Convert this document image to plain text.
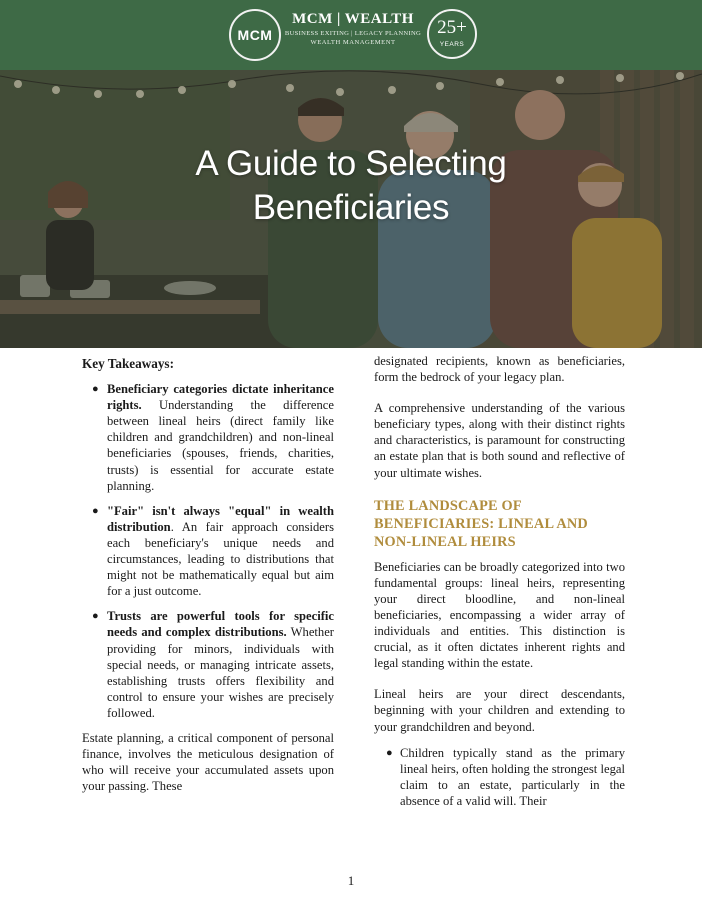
MCM
MCM | WEALTH
BUSINESS EXITING | LEGACY PLANNING
WEALTH MANAGEMENT
25+
YEARS
A Guide to Selecting
Beneficiaries
Key Takeaways:
● Beneficiary categories dictate inheritance rights. Understanding the difference between lineal heirs (direct family like children and grandchildren) and non-lineal beneficiaries (spouses, friends, charities, trusts) is essential for accurate estate planning.
● "Fair" isn't always "equal" in wealth distribution. An fair approach considers each beneficiary's unique needs and circumstances, leading to distributions that might not be mathematically equal but aim for a just outcome.
● Trusts are powerful tools for specific needs and complex distributions. Whether providing for minors, individuals with special needs, or managing intricate assets, establishing trusts offers flexibility and control to ensure your wishes are precisely followed.

Estate planning, a critical component of personal finance, involves the meticulous designation of who will receive your accumulated assets upon your passing. These

designated recipients, known as beneficiaries, form the bedrock of your legacy plan.

A comprehensive understanding of the various beneficiary types, along with their distinct rights and characteristics, is paramount for constructing an estate plan that is both sound and reflective of your ultimate wishes.

THE LANDSCAPE OF BENEFICIARIES: LINEAL AND NON-LINEAL HEIRS

Beneficiaries can be broadly categorized into two fundamental groups: lineal heirs, representing your direct bloodline, and non-lineal beneficiaries, encompassing a wider array of individuals and entities. This distinction is crucial, as it often dictates inherent rights and legal standing within the estate.

Lineal heirs are your direct descendants, beginning with your children and extending to your grandchildren and beyond.

● Children typically stand as the primary lineal heirs, often holding the strongest legal claim to an estate, particularly in the absence of a valid will. Their
1
